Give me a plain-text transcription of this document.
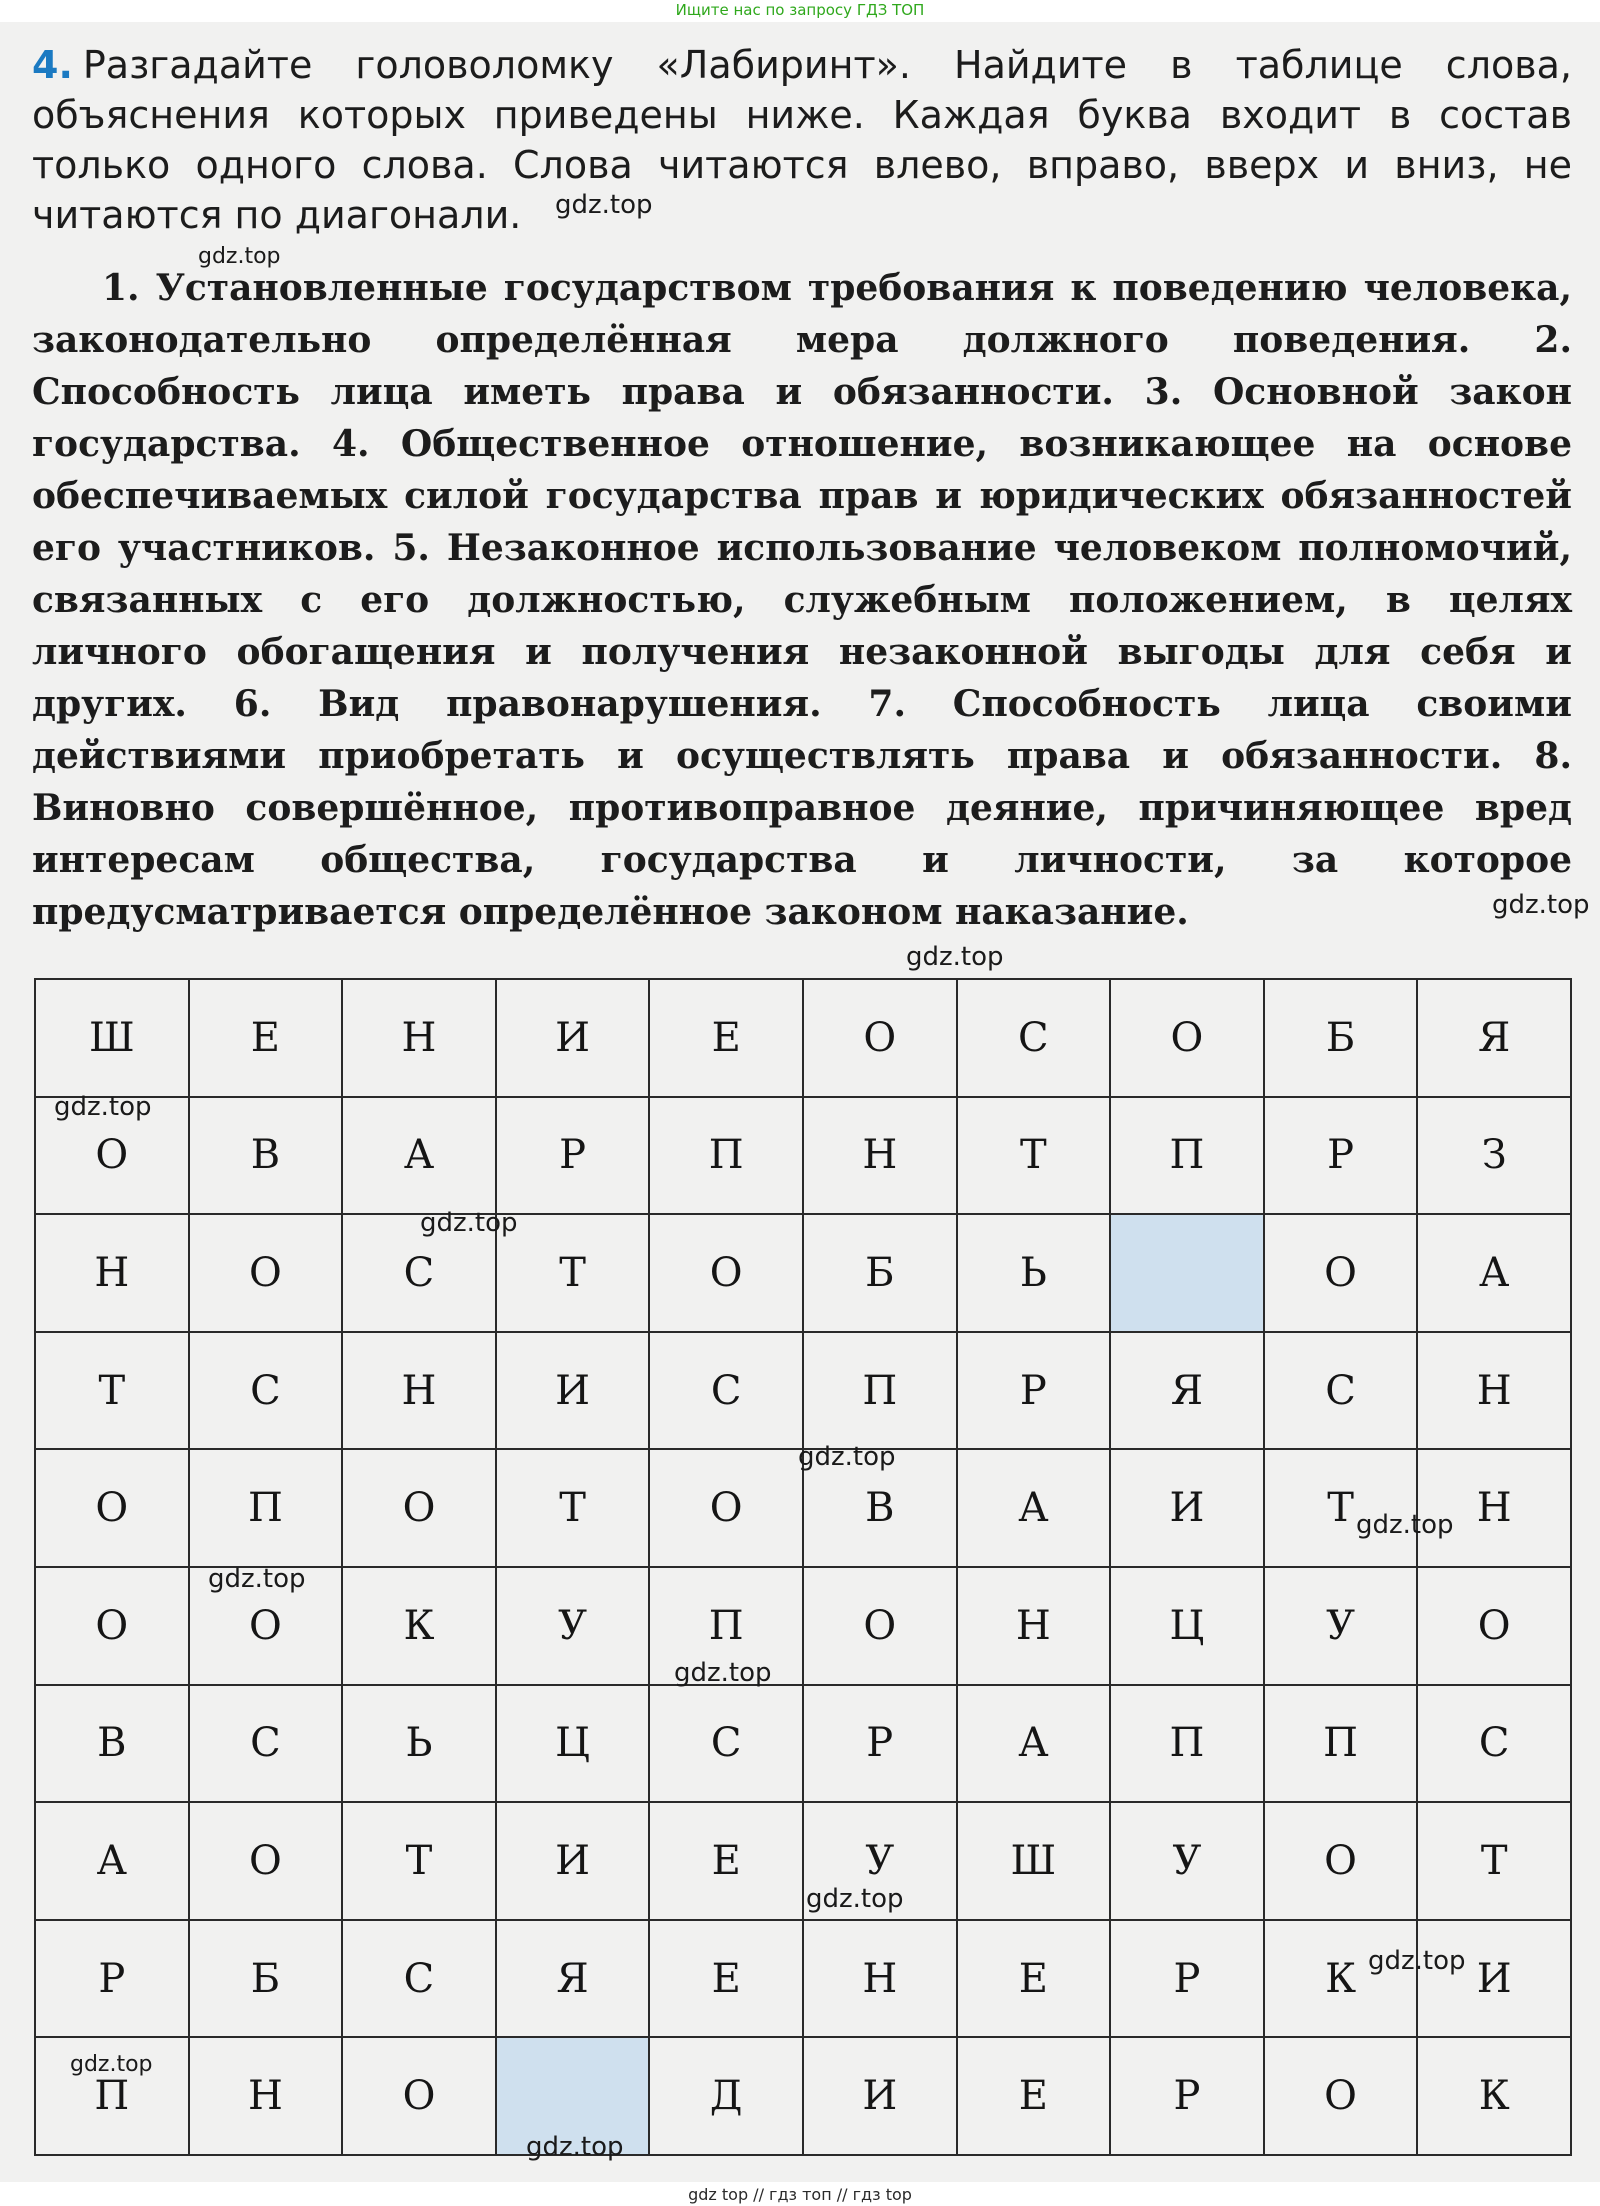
Ищите нас по запросу ГДЗ ТОП
4. Разгадайте головоломку «Лабиринт». Найдите в таблице слова, объяснения которых приведены ниже. Каждая буква входит в состав только одного слова. Слова читаются влево, вправо, вверх и вниз, не читаются по диагонали.
1. Установленные государством требования к поведению человека, законодательно определённая мера должного поведения. 2. Способность лица иметь права и обязанности. 3. Основной закон государства. 4. Общественное отношение, возникающее на основе обеспечиваемых силой государства прав и юридических обязанностей его участников. 5. Незаконное использование человеком полномочий, связанных с его должностью, служебным положением, в целях личного обогащения и получения незаконной выгоды для себя и других. 6. Вид правонарушения. 7. Способность лица своими действиями приобретать и осуществлять права и обязанности. 8. Виновно совершённое, противоправное деяние, причиняющее вред интересам общества, государства и личности, за которое предусматривается определённое законом наказание.
Ш	Е	Н	И	Е	О	С	О	Б	Я
О	В	А	Р	П	Н	Т	П	Р	З
Н	О	С	Т	О	Б	Ь		О	А
Т	С	Н	И	С	П	Р	Я	С	Н
О	П	О	Т	О	В	А	И	Т	Н
О	О	К	У	П	О	Н	Ц	У	О
В	С	Ь	Ц	С	Р	А	П	П	С
А	О	Т	И	Е	У	Ш	У	О	Т
Р	Б	С	Я	Е	Н	Е	Р	К	И
П	Н	О		Д	И	Е	Р	О	К
gdz.top
gdz.top
gdz.top
gdz.top
gdz.top
gdz.top
gdz.top
gdz.top
gdz.top
gdz.top
gdz.top
gdz.top
gdz.top
gdz.top
gdz top // гдз топ // гдз top
